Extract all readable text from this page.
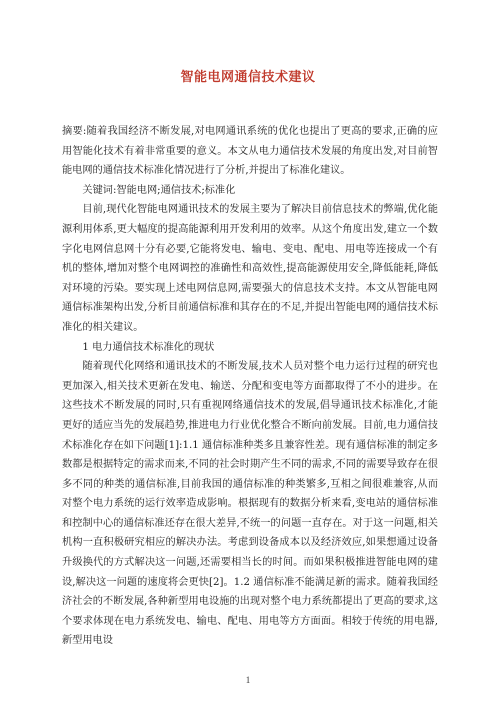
智能电网通信技术建议

摘要:随着我国经济不断发展,对电网通讯系统的优化也提出了更高的要求,正确的应用智能化技术有着非常重要的意义。本文从电力通信技术发展的角度出发,对目前智能电网的通信技术标准化情况进行了分析,并提出了标准化建议。

关键词:智能电网;通信技术;标准化

目前,现代化智能电网通讯技术的发展主要为了解决目前信息技术的弊端,优化能源利用体系,更大幅度的提高能源利用开发利用的效率。从这个角度出发,建立一个数字化电网信息网十分有必要,它能将发电、输电、变电、配电、用电等连接成一个有机的整体,增加对整个电网调控的准确性和高效性,提高能源使用安全,降低能耗,降低对环境的污染。要实现上述电网信息网,需要强大的信息技术支持。本文从智能电网通信标准架构出发,分析目前通信标准和其存在的不足,并提出智能电网的通信技术标准化的相关建议。

1 电力通信技术标准化的现状

随着现代化网络和通讯技术的不断发展,技术人员对整个电力运行过程的研究也更加深入,相关技术更新在发电、输送、分配和变电等方面都取得了不小的进步。在这些技术不断发展的同时,只有重视网络通信技术的发展,倡导通讯技术标准化,才能更好的适应当先的发展趋势,推进电力行业优化整合不断向前发展。目前,电力通信技术标准化存在如下问题[1]:1.1 通信标准种类多且兼容性差。现有通信标准的制定多数都是根据特定的需求而来,不同的社会时期产生不同的需求,不同的需要导致存在很多不同的种类的通信标准,目前我国的通信标准的种类繁多,互相之间很难兼容,从而对整个电力系统的运行效率造成影响。根据现有的数据分析来看,变电站的通信标准和控制中心的通信标准还存在很大差异,不统一的问题一直存在。对于这一问题,相关机构一直积极研究相应的解决办法。考虑到设备成本以及经济效应,如果想通过设备升级换代的方式解决这一问题,还需要相当长的时间。而如果积极推进智能电网的建设,解决这一问题的速度将会更快[2]。1.2 通信标准不能满足新的需求。随着我国经济社会的不断发展,各种新型用电设施的出现对整个电力系统都提出了更高的要求,这个要求体现在电力系统发电、输电、配电、用电等方方面面。相较于传统的用电器,新型用电设

1
